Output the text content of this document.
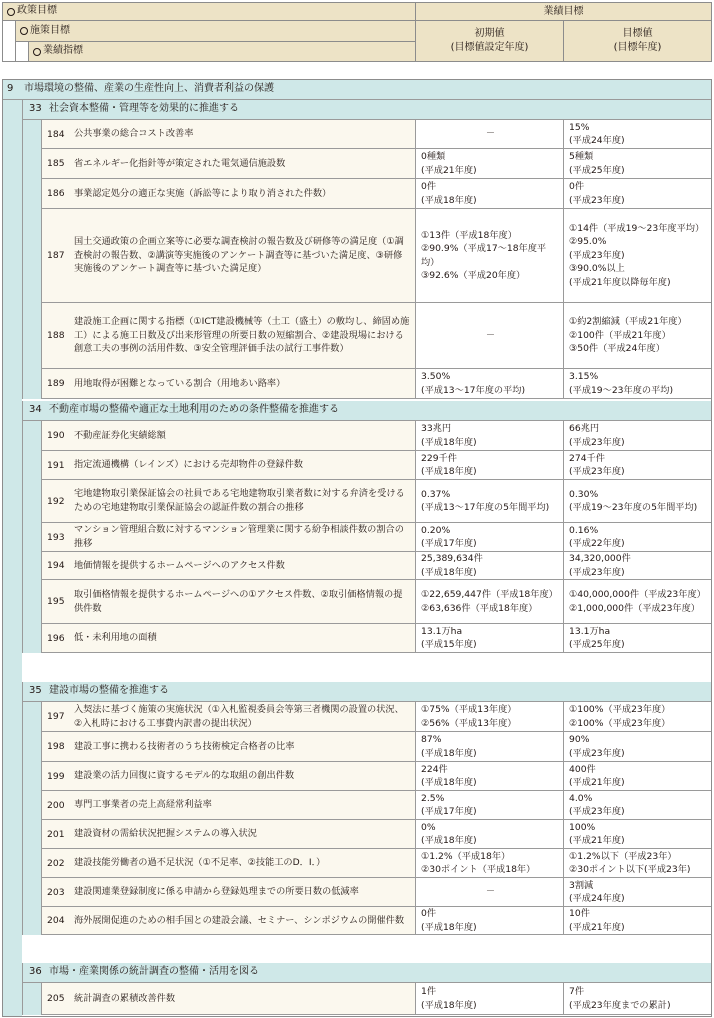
政策目標
施策目標
業績指標
業績目標
初期値
(目標値設定年度)
目標値
(目標年度)
9 市場環境の整備、産業の生産性向上、消費者利益の保護
33 社会資本整備・管理等を効果的に推進する
184 公共事業の総合コスト改善率	－
15%
(平成24年度)
185 省エネルギー化指針等が策定された電気通信施設数
0種類
(平成21年度)
5種類
(平成25年度)
186 事業認定処分の適正な実施（訴訟等により取り消された件数）
0件
(平成18年度)
0件
(平成23年度)
187
国土交通政策の企画立案等に必要な調査検討の報告数及び研修等の満足度（①調査検討の報告数、②講演等実施後のアンケート調査等に基づいた満足度、③研修実施後のアンケート調査等に基づいた満足度）
①13件（平成18年度）
②90.9%（平成17～18年度平均）
③92.6%（平成20年度）
①14件（平成19～23年度平均）
②95.0%
(平成23年度)
③90.0%以上
(平成21年度以降毎年度)
188
建設施工企画に関する指標（①ICT建設機械等（土工（盛土）の敷均し、締固め施工）による施工日数及び出来形管理の所要日数の短縮割合、②建設現場における創意工夫の事例の活用件数、③安全管理評価手法の試行工事件数）
－
①約2割縮減（平成21年度）
②100件（平成21年度）
③50件（平成24年度）
189 用地取得が困難となっている割合（用地あい路率）
3.50%
(平成13～17年度の平均)
3.15%
(平成19～23年度の平均)
34 不動産市場の整備や適正な土地利用のための条件整備を推進する
190 不動産証券化実績総額
33兆円
(平成18年度)
66兆円
(平成23年度)
191 指定流通機構（レインズ）における売却物件の登録件数
229千件
(平成18年度)
274千件
(平成23年度)
192
宅地建物取引業保証協会の社員である宅地建物取引業者数に対する弁済を受けるための宅地建物取引業保証協会の認証件数の割合の推移
0.37%
(平成13～17年度の5年間平均)
0.30%
(平成19～23年度の5年間平均)
193
マンション管理組合数に対するマンション管理業に関する紛争相談件数の割合の推移
0.20%
(平成17年度)
0.16%
(平成22年度)
194 地価情報を提供するホームページへのアクセス件数
25,389,634件
(平成18年度)
34,320,000件
(平成23年度)
195
取引価格情報を提供するホームページへの①アクセス件数、②取引価格情報の提供件数
①22,659,447件（平成18年度）
②63,636件（平成18年度）
①40,000,000件（平成23年度）
②1,000,000件（平成23年度）
196 低・未利用地の面積
13.1万ha
(平成15年度)
13.1万ha
(平成25年度)
35 建設市場の整備を推進する
197
入契法に基づく施策の実施状況（①入札監視委員会等第三者機関の設置の状況、②入札時における工事費内訳書の提出状況）
①75%（平成13年度）
②56%（平成13年度）
①100%（平成23年度）
②100%（平成23年度）
198 建設工事に携わる技術者のうち技術検定合格者の比率
87%
(平成18年度)
90%
(平成23年度)
199 建設業の活力回復に資するモデル的な取組の創出件数
224件
(平成18年度)
400件
(平成21年度)
200 専門工事業者の売上高経常利益率
2.5%
(平成17年度)
4.0%
(平成23年度)
201 建設資材の需給状況把握システムの導入状況
0%
(平成18年度)
100%
(平成21年度)
202 建設技能労働者の過不足状況（①不足率、②技能工のD．I．）
①1.2%（平成18年）
②30ポイント（平成18年）
①1.2%以下（平成23年）
②30ポイント以下(平成23年)
203 建設関連業登録制度に係る申請から登録処理までの所要日数の低減率	－
3割減
(平成24年度)
204 海外展開促進のための相手国との建設会議、セミナー、シンポジウムの開催件数
0件
(平成18年度)
10件
(平成21年度)
36 市場・産業関係の統計調査の整備・活用を図る
205 統計調査の累積改善件数
1件
(平成18年度)
7件
(平成23年度までの累計)
